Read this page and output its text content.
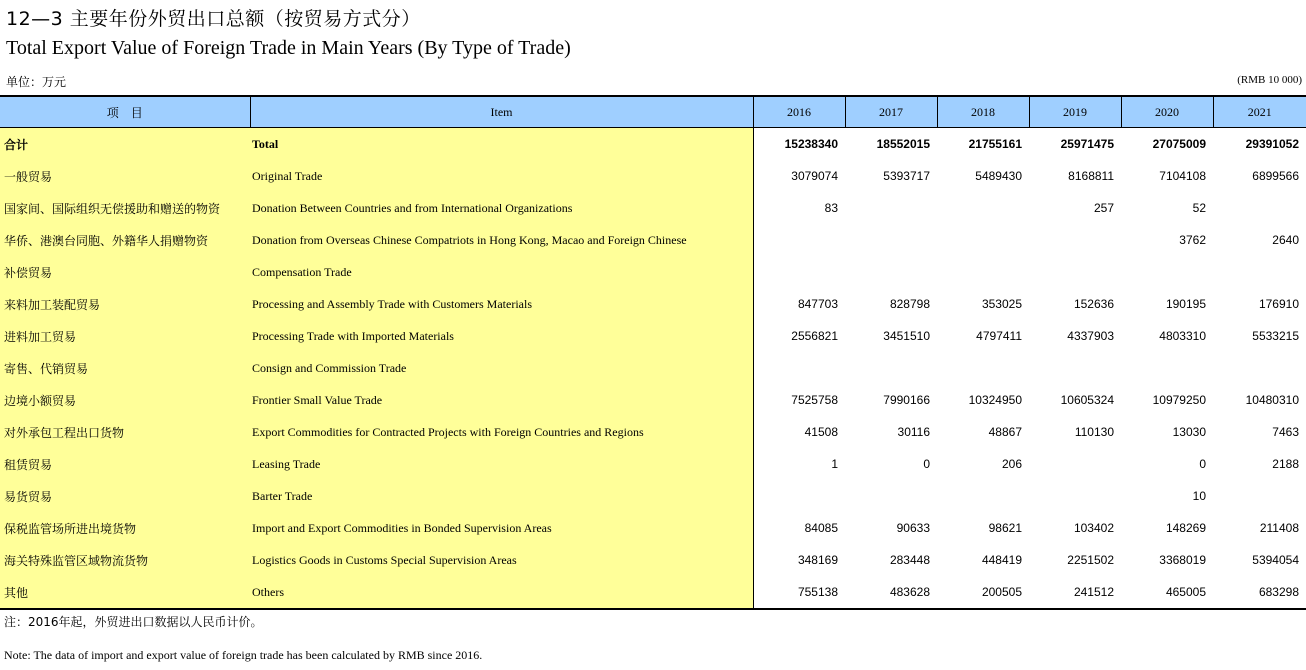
12—3 主要年份外贸出口总额（按贸易方式分）
Total Export Value of Foreign Trade in Main Years (By Type of Trade)
单位：万元	(RMB 10 000)
项　目	Item	2016	2017	2018	2019	2020	2021
合计	Total	15238340	18552015	21755161	25971475	27075009	29391052
一般贸易	Original Trade	3079074	5393717	5489430	8168811	7104108	6899566
国家间、国际组织无偿援助和赠送的物资	Donation Between Countries and from International Organizations	83			257	52	
华侨、港澳台同胞、外籍华人捐赠物资	Donation from Overseas Chinese Compatriots in Hong Kong, Macao and Foreign Chinese					3762	2640
补偿贸易	Compensation Trade						
来料加工装配贸易	Processing and Assembly Trade with Customers Materials	847703	828798	353025	152636	190195	176910
进料加工贸易	Processing Trade with Imported Materials	2556821	3451510	4797411	4337903	4803310	5533215
寄售、代销贸易	Consign and Commission Trade						
边境小额贸易	Frontier Small Value Trade	7525758	7990166	10324950	10605324	10979250	10480310
对外承包工程出口货物	Export Commodities for Contracted Projects with Foreign Countries and Regions	41508	30116	48867	110130	13030	7463
租赁贸易	Leasing Trade	1	0	206		0	2188
易货贸易	Barter Trade					10	
保税监管场所进出境货物	Import and Export Commodities in Bonded Supervision Areas	84085	90633	98621	103402	148269	211408
海关特殊监管区域物流货物	Logistics Goods in Customs Special Supervision Areas	348169	283448	448419	2251502	3368019	5394054
其他	Others	755138	483628	200505	241512	465005	683298
注：2016年起，外贸进出口数据以人民币计价。
Note: The data of import and export value of foreign trade has been calculated by RMB since 2016.
